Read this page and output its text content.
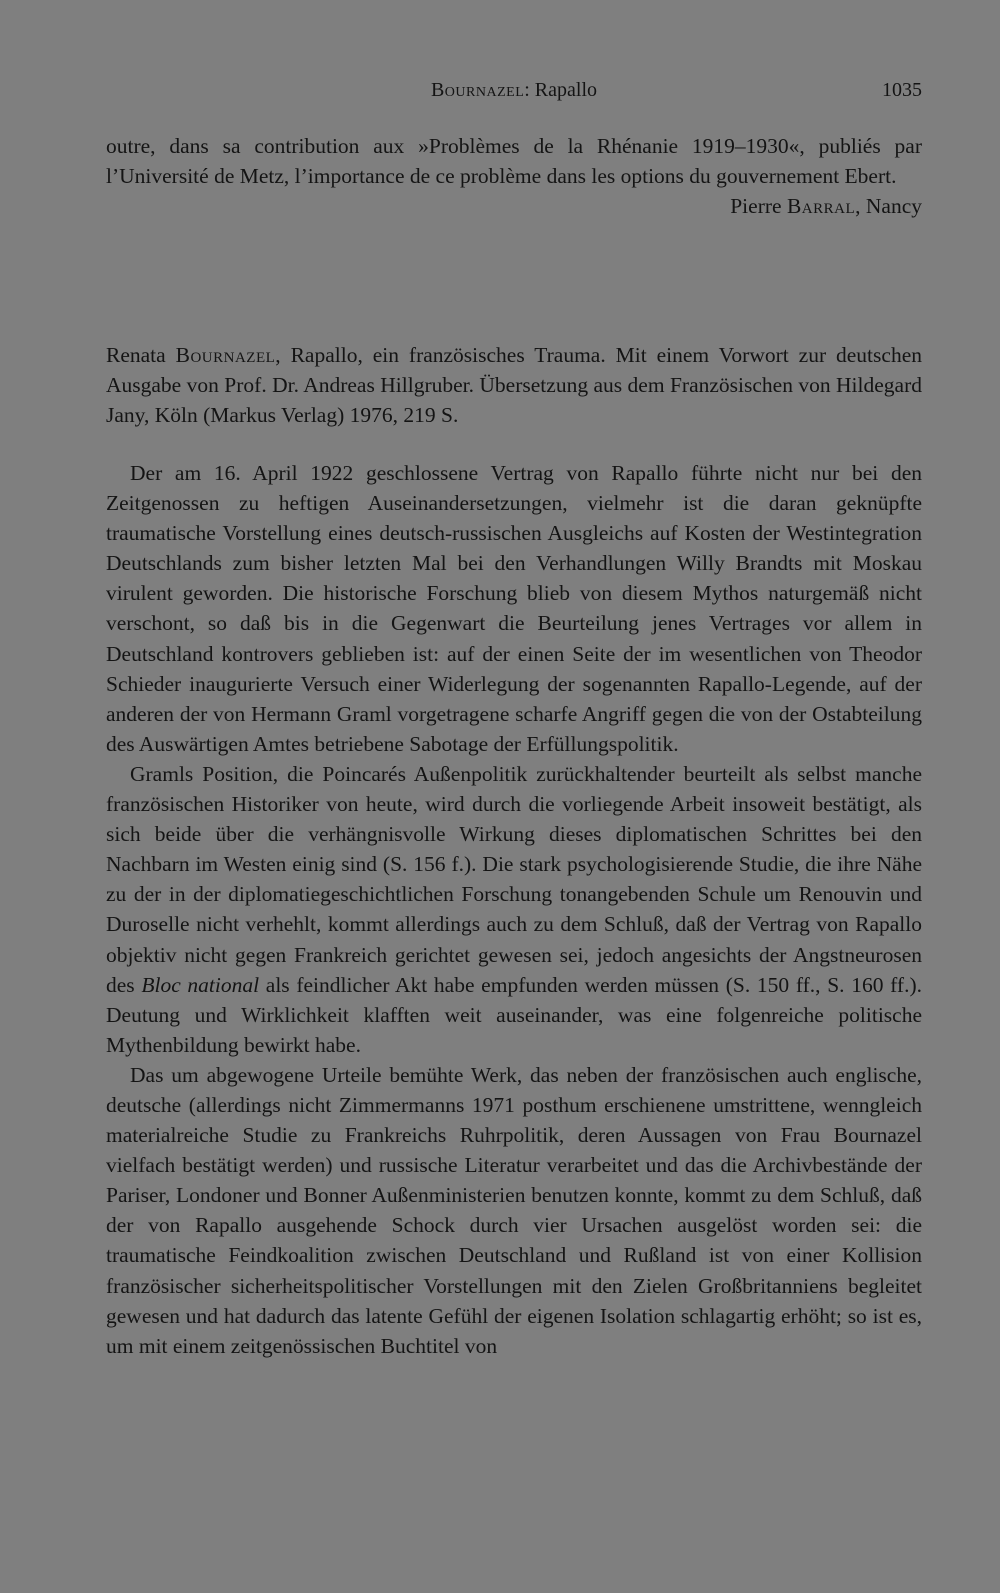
Bournazel: Rapallo	1035

outre, dans sa contribution aux »Problèmes de la Rhénanie 1919–1930«, publiés par l’Université de Metz, l’importance de ce problème dans les options du gouvernement Ebert.

Pierre Barral, Nancy

Renata Bournazel, Rapallo, ein französisches Trauma. Mit einem Vorwort zur deutschen Ausgabe von Prof. Dr. Andreas Hillgruber. Übersetzung aus dem Französischen von Hildegard Jany, Köln (Markus Verlag) 1976, 219 S.

Der am 16. April 1922 geschlossene Vertrag von Rapallo führte nicht nur bei den Zeitgenossen zu heftigen Auseinandersetzungen, vielmehr ist die daran geknüpfte traumatische Vorstellung eines deutsch-russischen Ausgleichs auf Kosten der Westintegration Deutschlands zum bisher letzten Mal bei den Verhandlungen Willy Brandts mit Moskau virulent geworden. Die historische Forschung blieb von diesem Mythos naturgemäß nicht verschont, so daß bis in die Gegenwart die Beurteilung jenes Vertrages vor allem in Deutschland kontrovers geblieben ist: auf der einen Seite der im wesentlichen von Theodor Schieder inaugurierte Versuch einer Widerlegung der sogenannten Rapallo-Legende, auf der anderen der von Hermann Graml vorgetragene scharfe Angriff gegen die von der Ostabteilung des Auswärtigen Amtes betriebene Sabotage der Erfüllungspolitik.

Gramls Position, die Poincarés Außenpolitik zurückhaltender beurteilt als selbst manche französischen Historiker von heute, wird durch die vorliegende Arbeit insoweit bestätigt, als sich beide über die verhängnisvolle Wirkung dieses diplomatischen Schrittes bei den Nachbarn im Westen einig sind (S. 156 f.). Die stark psychologisierende Studie, die ihre Nähe zu der in der diplomatiegeschichtlichen Forschung tonangebenden Schule um Renouvin und Duroselle nicht verhehlt, kommt allerdings auch zu dem Schluß, daß der Vertrag von Rapallo objektiv nicht gegen Frankreich gerichtet gewesen sei, jedoch angesichts der Angstneurosen des Bloc national als feindlicher Akt habe empfunden werden müssen (S. 150 ff., S. 160 ff.). Deutung und Wirklichkeit klafften weit auseinander, was eine folgenreiche politische Mythenbildung bewirkt habe.

Das um abgewogene Urteile bemühte Werk, das neben der französischen auch englische, deutsche (allerdings nicht Zimmermanns 1971 posthum erschienene umstrittene, wenngleich materialreiche Studie zu Frankreichs Ruhrpolitik, deren Aussagen von Frau Bournazel vielfach bestätigt werden) und russische Literatur verarbeitet und das die Archivbestände der Pariser, Londoner und Bonner Außenministerien benutzen konnte, kommt zu dem Schluß, daß der von Rapallo ausgehende Schock durch vier Ursachen ausgelöst worden sei: die traumatische Feindkoalition zwischen Deutschland und Rußland ist von einer Kollision französischer sicherheitspolitischer Vorstellungen mit den Zielen Großbritanniens begleitet gewesen und hat dadurch das latente Gefühl der eigenen Isolation schlagartig erhöht; so ist es, um mit einem zeitgenössischen Buchtitel von
